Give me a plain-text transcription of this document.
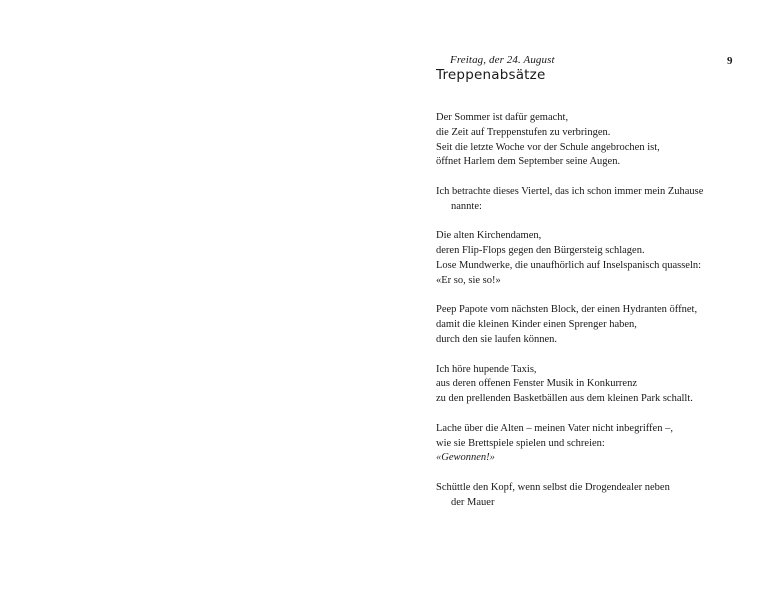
Freitag, der 24. August	9
Treppenabsätze
Der Sommer ist dafür gemacht,
die Zeit auf Treppenstufen zu verbringen.
Seit die letzte Woche vor der Schule angebrochen ist,
öffnet Harlem dem September seine Augen.
Ich betrachte dieses Viertel, das ich schon immer mein Zuhause
nannte:
Die alten Kirchendamen,
deren Flip-Flops gegen den Bürgersteig schlagen.
Lose Mundwerke, die unaufhörlich auf Inselspanisch quasseln:
«Er so, sie so!»
Peep Papote vom nächsten Block, der einen Hydranten öffnet,
damit die kleinen Kinder einen Sprenger haben,
durch den sie laufen können.
Ich höre hupende Taxis,
aus deren offenen Fenster Musik in Konkurrenz
zu den prellenden Basketbällen aus dem kleinen Park schallt.
Lache über die Alten – meinen Vater nicht inbegriffen –,
wie sie Brettspiele spielen und schreien:
«Gewonnen!»
Schüttle den Kopf, wenn selbst die Drogendealer neben
der Mauer
